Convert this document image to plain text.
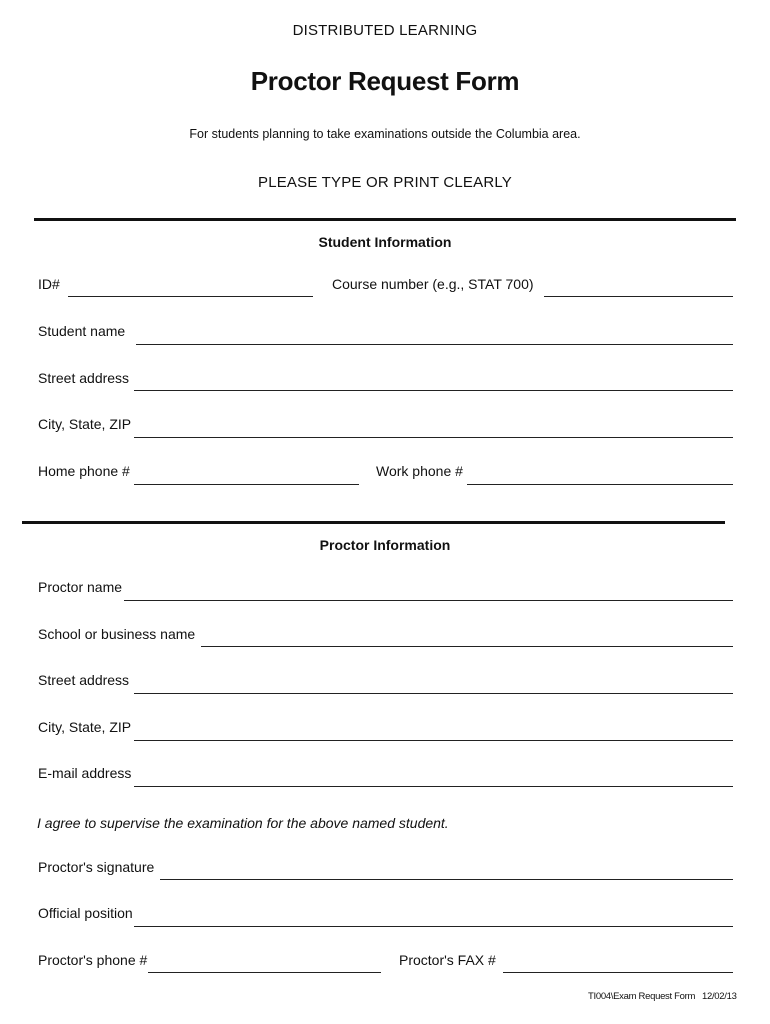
DISTRIBUTED LEARNING
Proctor Request Form
For students planning to take examinations outside the Columbia area.
PLEASE TYPE OR PRINT CLEARLY
Student Information
ID#	Course number (e.g., STAT 700)
Student name
Street address
City, State, ZIP
Home phone #	Work phone #
Proctor Information
Proctor name
School or business name
Street address
City, State, ZIP
E-mail address
I agree to supervise the examination for the above named student.
Proctor's signature
Official position
Proctor's phone #	Proctor's FAX #
TI004\Exam Request Form 12/02/13
